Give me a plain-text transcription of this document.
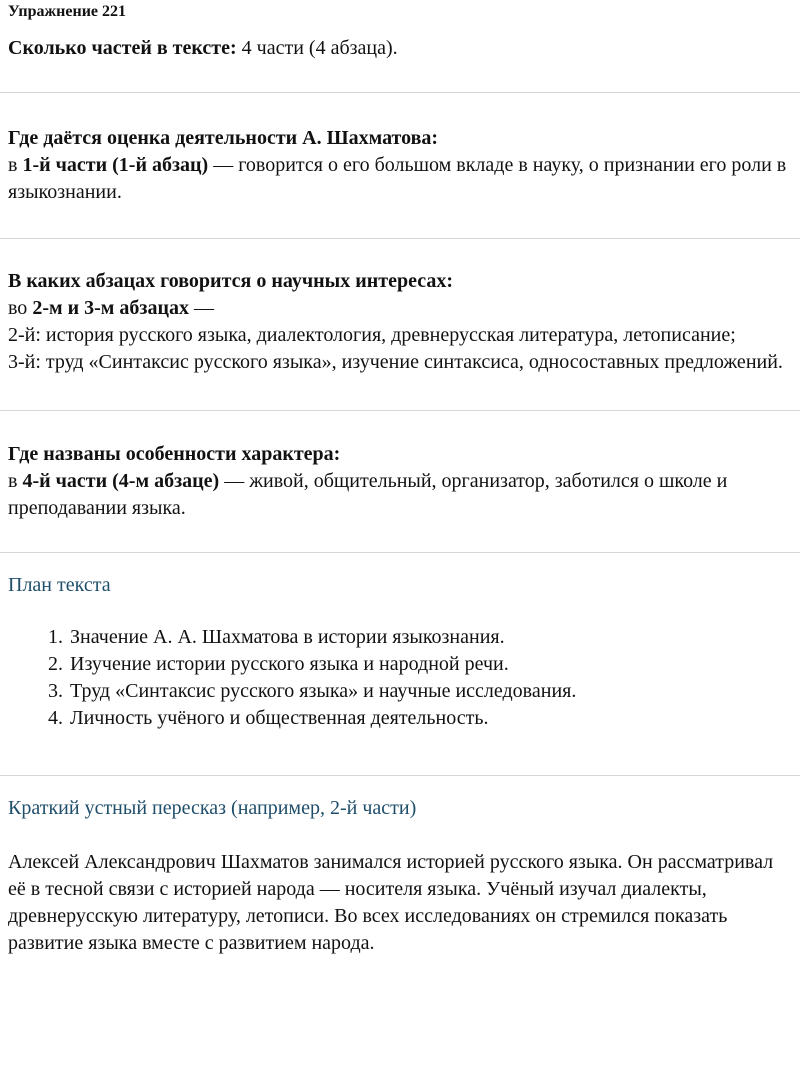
Упражнение 221

Сколько частей в тексте: 4 части (4 абзаца).

Где даётся оценка деятельности А. Шахматова:

в 1-й части (1-й абзац) — говорится о его большом вкладе в науку, о признании его роли в языкознании.

В каких абзацах говорится о научных интересах:

во 2-м и 3-м абзацах —

2-й: история русского языка, диалектология, древнерусская литература, летописание;

3-й: труд «Синтаксис русского языка», изучение синтаксиса, односоставных предложений.

Где названы особенности характера:

в 4-й части (4-м абзаце) — живой, общительный, организатор, заботился о школе и преподавании языка.

План текста

1. Значение А. А. Шахматова в истории языкознания.
2. Изучение истории русского языка и народной речи.
3. Труд «Синтаксис русского языка» и научные исследования.
4. Личность учёного и общественная деятельность.

Краткий устный пересказ (например, 2-й части)

Алексей Александрович Шахматов занимался историей русского языка. Он рассматривал её в тесной связи с историей народа — носителя языка. Учёный изучал диалекты, древнерусскую литературу, летописи. Во всех исследованиях он стремился показать развитие языка вместе с развитием народа.
